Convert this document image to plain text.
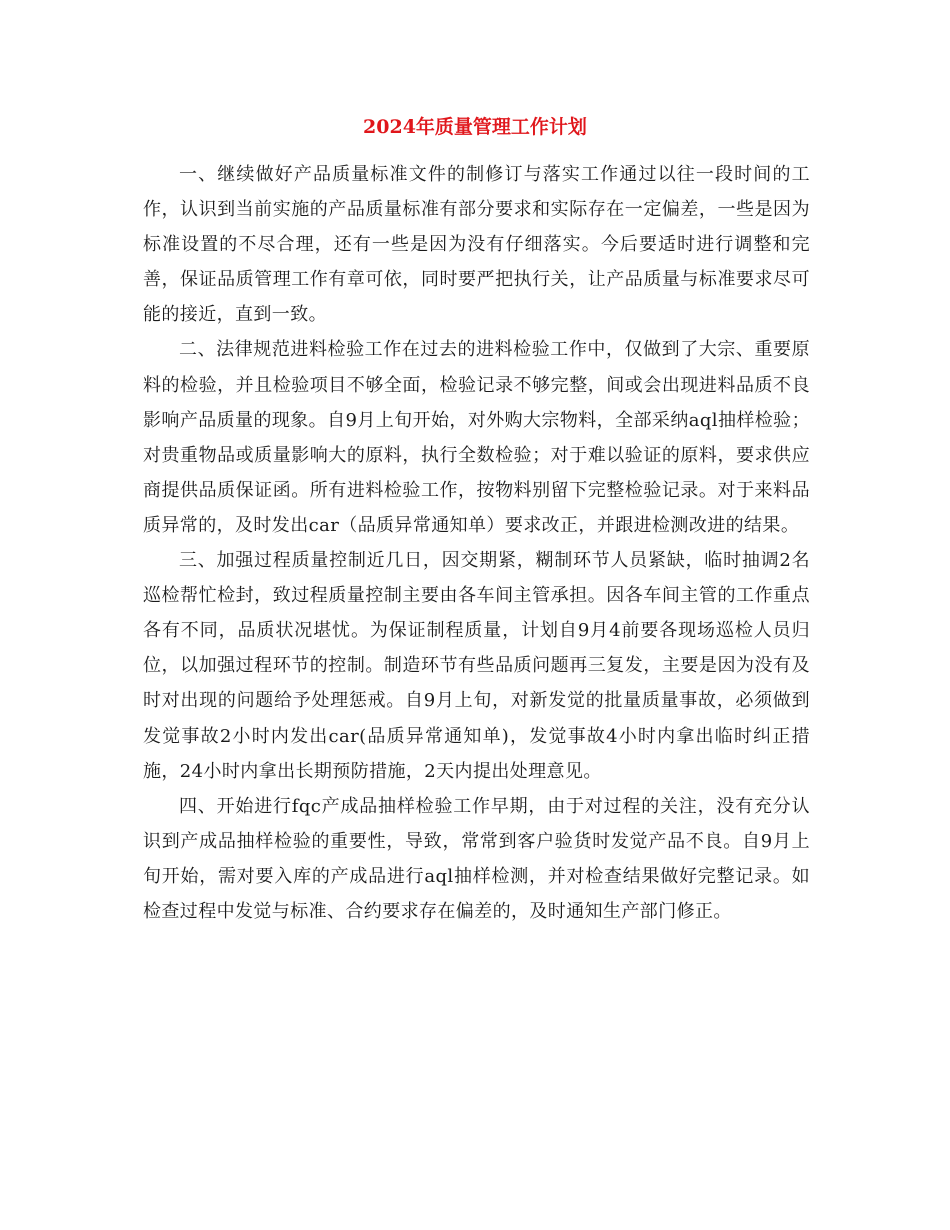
2024年质量管理工作计划

一、继续做好产品质量标准文件的制修订与落实工作通过以往一段时间的工作，认识到当前实施的产品质量标准有部分要求和实际存在一定偏差，一些是因为标准设置的不尽合理，还有一些是因为没有仔细落实。今后要适时进行调整和完善，保证品质管理工作有章可依，同时要严把执行关，让产品质量与标准要求尽可能的接近，直到一致。

二、法律规范进料检验工作在过去的进料检验工作中，仅做到了大宗、重要原料的检验，并且检验项目不够全面，检验记录不够完整，间或会出现进料品质不良影响产品质量的现象。自9月上旬开始，对外购大宗物料，全部采纳aql抽样检验；对贵重物品或质量影响大的原料，执行全数检验；对于难以验证的原料，要求供应商提供品质保证函。所有进料检验工作，按物料别留下完整检验记录。对于来料品质异常的，及时发出car（品质异常通知单）要求改正，并跟进检测改进的结果。

三、加强过程质量控制近几日，因交期紧，糊制环节人员紧缺，临时抽调2名巡检帮忙检封，致过程质量控制主要由各车间主管承担。因各车间主管的工作重点各有不同，品质状况堪忧。为保证制程质量，计划自9月4前要各现场巡检人员归位，以加强过程环节的控制。制造环节有些品质问题再三复发，主要是因为没有及时对出现的问题给予处理惩戒。自9月上旬，对新发觉的批量质量事故，必须做到发觉事故2小时内发出car(品质异常通知单)，发觉事故4小时内拿出临时纠正措施，24小时内拿出长期预防措施，2天内提出处理意见。

四、开始进行fqc产成品抽样检验工作早期，由于对过程的关注，没有充分认识到产成品抽样检验的重要性，导致，常常到客户验货时发觉产品不良。自9月上旬开始，需对要入库的产成品进行aql抽样检测，并对检查结果做好完整记录。如检查过程中发觉与标准、合约要求存在偏差的，及时通知生产部门修正。
